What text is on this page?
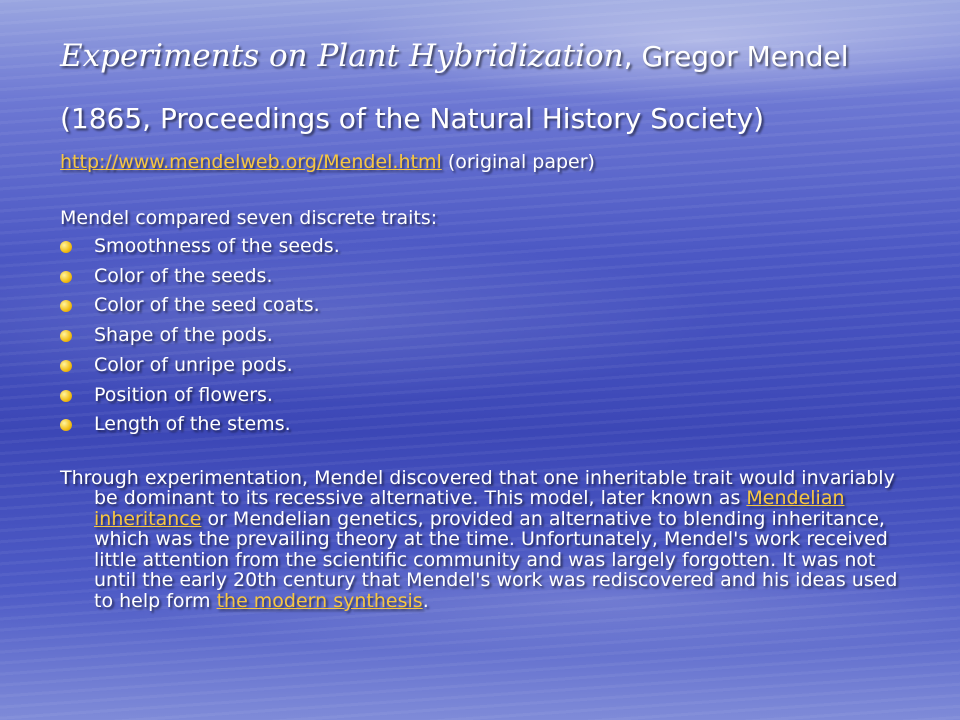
Experiments on Plant Hybridization, Gregor Mendel
(1865, Proceedings of the Natural History Society)

http://www.mendelweb.org/Mendel.html (original paper)

Mendel compared seven discrete traits:

Smoothness of the seeds.
Color of the seeds.
Color of the seed coats.
Shape of the pods.
Color of unripe pods.
Position of flowers.
Length of the stems.

Through experimentation, Mendel discovered that one inheritable trait would invariably be dominant to its recessive alternative. This model, later known as Mendelian inheritance or Mendelian genetics, provided an alternative to blending inheritance, which was the prevailing theory at the time. Unfortunately, Mendel's work received little attention from the scientific community and was largely forgotten. It was not until the early 20th century that Mendel's work was rediscovered and his ideas used to help form the modern synthesis.
